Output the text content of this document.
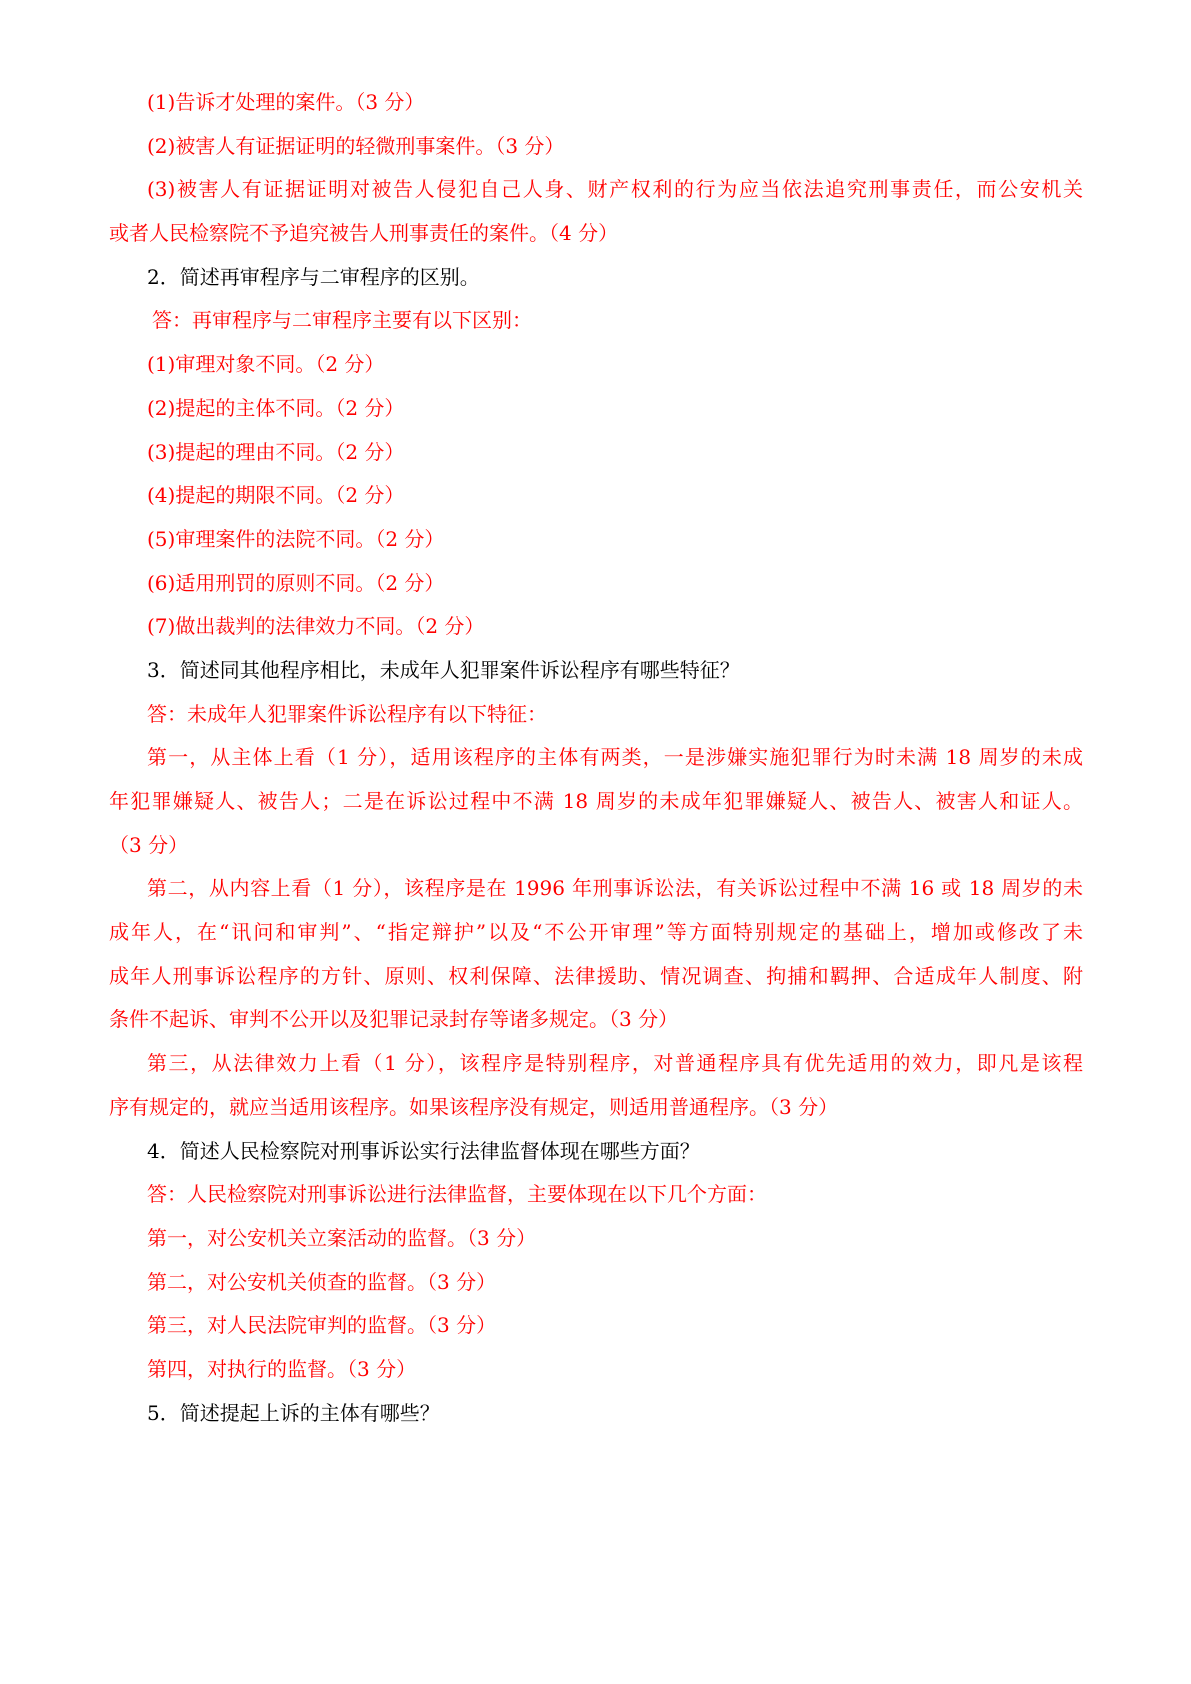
(1)告诉才处理的案件。（3 分）
(2)被害人有证据证明的轻微刑事案件。（3 分）
(3)被害人有证据证明对被告人侵犯自己人身、财产权利的行为应当依法追究刑事责任，而公安机关
或者人民检察院不予追究被告人刑事责任的案件。（4 分）
2．简述再审程序与二审程序的区别。
答：再审程序与二审程序主要有以下区别：
(1)审理对象不同。（2 分）
(2)提起的主体不同。（2 分）
(3)提起的理由不同。（2 分）
(4)提起的期限不同。（2 分）
(5)审理案件的法院不同。（2 分）
(6)适用刑罚的原则不同。（2 分）
(7)做出裁判的法律效力不同。（2 分）
3．简述同其他程序相比，未成年人犯罪案件诉讼程序有哪些特征？
答：未成年人犯罪案件诉讼程序有以下特征：
第一，从主体上看（1 分），适用该程序的主体有两类，一是涉嫌实施犯罪行为时未满 18 周岁的未成
年犯罪嫌疑人、被告人；二是在诉讼过程中不满 18 周岁的未成年犯罪嫌疑人、被告人、被害人和证人。
（3 分）
第二，从内容上看（1 分），该程序是在 1996 年刑事诉讼法，有关诉讼过程中不满 16 或 18 周岁的未
成年人，在“讯问和审判”、“指定辩护”以及“不公开审理”等方面特别规定的基础上，增加或修改了未
成年人刑事诉讼程序的方针、原则、权利保障、法律援助、情况调查、拘捕和羁押、合适成年人制度、附
条件不起诉、审判不公开以及犯罪记录封存等诸多规定。（3 分）
第三，从法律效力上看（1 分），该程序是特别程序，对普通程序具有优先适用的效力，即凡是该程
序有规定的，就应当适用该程序。如果该程序没有规定，则适用普通程序。（3 分）
4．简述人民检察院对刑事诉讼实行法律监督体现在哪些方面？
答：人民检察院对刑事诉讼进行法律监督，主要体现在以下几个方面：
第一，对公安机关立案活动的监督。（3 分）
第二，对公安机关侦查的监督。（3 分）
第三，对人民法院审判的监督。（3 分）
第四，对执行的监督。（3 分）
5．简述提起上诉的主体有哪些？
